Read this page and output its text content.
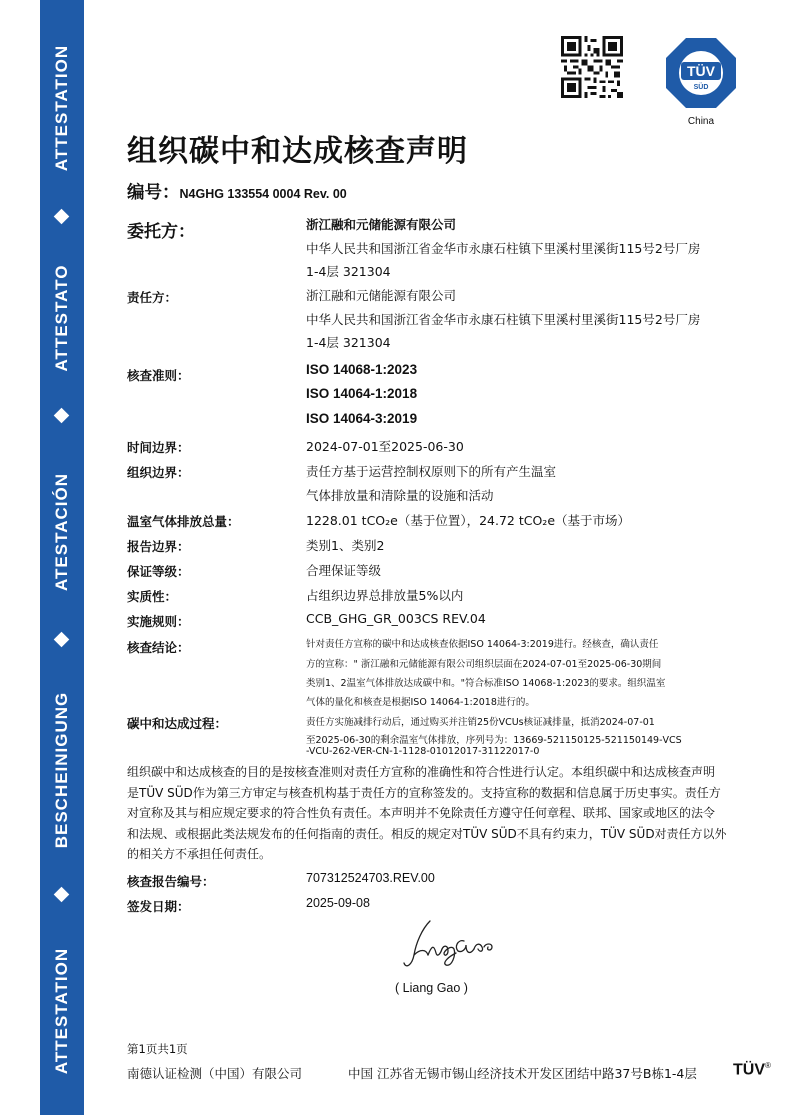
ATTESTATION
ATTESTATO
ATESTACIÓN
BESCHEINIGUNG
ATTESTATION
TÜV
SÜD
China
组织碳中和达成核查声明
编号：N4GHG 133554 0004 Rev. 00
委托方：	浙江融和元储能源有限公司
中华人民共和国浙江省金华市永康石柱镇下里溪村里溪街115号2号厂房
1-4层 321304
责任方：	浙江融和元储能源有限公司
中华人民共和国浙江省金华市永康石柱镇下里溪村里溪街115号2号厂房
1-4层 321304
核查准则：	ISO 14068-1:2023
ISO 14064-1:2018
ISO 14064-3:2019
时间边界：	2024-07-01至2025-06-30
组织边界：	责任方基于运营控制权原则下的所有产生温室
气体排放量和清除量的设施和活动
温室气体排放总量：	1228.01 tCO₂e（基于位置），24.72 tCO₂e（基于市场）
报告边界：	类别1、类别2
保证等级：	合理保证等级
实质性：	占组织边界总排放量5%以内
实施规则：	CCB_GHG_GR_003CS REV.04
核查结论：	针对责任方宣称的碳中和达成核查依据ISO 14064-3:2019进行。经核查，确认责任
方的宣称：" 浙江融和元储能源有限公司组织层面在2024-07-01至2025-06-30期间
类别1、2温室气体排放达成碳中和。"符合标准ISO 14068-1:2023的要求。组织温室
气体的量化和核查是根据ISO 14064-1:2018进行的。
碳中和达成过程：	责任方实施减排行动后，通过购买并注销25份VCUs核证减排量，抵消2024-07-01
至2025-06-30的剩余温室气体排放，序列号为：13669-521150125-521150149-VCS
-VCU-262-VER-CN-1-1128-01012017-31122017-0
组织碳中和达成核查的目的是按核查准则对责任方宣称的准确性和符合性进行认定。本组织碳中和达成核查声明
是TÜV SÜD作为第三方审定与核查机构基于责任方的宣称签发的。支持宣称的数据和信息属于历史事实。责任方
对宣称及其与相应规定要求的符合性负有责任。本声明并不免除责任方遵守任何章程、联邦、国家或地区的法令
和法规、或根据此类法规发布的任何指南的责任。相反的规定对TÜV SÜD不具有约束力，TÜV SÜD对责任方以外
的相关方不承担任何责任。
核查报告编号：	707312524703.REV.00
签发日期：	2025-09-08
( Liang Gao )
第1页共1页
南德认证检测（中国）有限公司	中国 江苏省无锡市锡山经济技术开发区团结中路37号B栋1-4层 TÜV®
